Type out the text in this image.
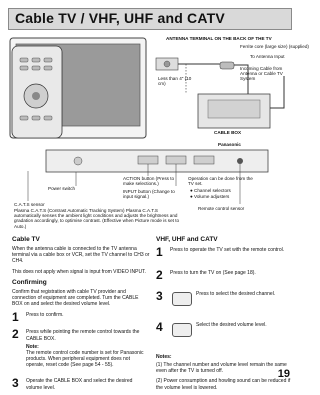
Cable TV / VHF, UHF and CATV
ANTENNA TERMINAL ON THE BACK OF THE TV
Ferrite core (large size) (supplied)
To Antenna Input
Incoming Cable from Antenna or Cable TV System
Less than 4" (10 cm)
CABLE BOX
Panasonic
Power switch
ACTION button (Press to make selections.)
INPUT button (Change to input signal.)
Operation can be done from the TV set.
● Channel selectors
● Volume adjusters
Remote control sensor
C.A.T.S sensor
Plasma C.A.T.S (Contrast Automatic Tracking System) Plasma C.A.T.S automatically senses the ambient light conditions and adjusts the brightness and gradation accordingly, to optimise contrast. (Effective when Picture mode is set to Auto.)
Cable TV
When the antenna cable is connected to the TV antenna terminal via a cable box or VCR, set the TV channel to CH3 or CH4.
This does not apply when signal is input from VIDEO INPUT.
Confirming
Confirm that registration with cable TV provider and connection of equipment are completed. Turn the CABLE BOX on and select the desired volume level.
1 Press to confirm.
2 Press while pointing the remote control towards the CABLE BOX.
Note:
The remote control code number is set for Panasonic products. When peripheral equipment does not operate, reset code (See page 54 - 55).
3 Operate the CABLE BOX and select the desired volume level.
VHF, UHF and CATV
1 Press to operate the TV set with the remote control.
2 Press to turn the TV on (See page 18).
3	Press to select the desired channel.
4	Select the desired volume level.
Notes:
(1) The channel number and volume level remain the same even after the TV is turned off.
(2) Power consumption and howling sound can be reduced if the volume level is lowered.
19
